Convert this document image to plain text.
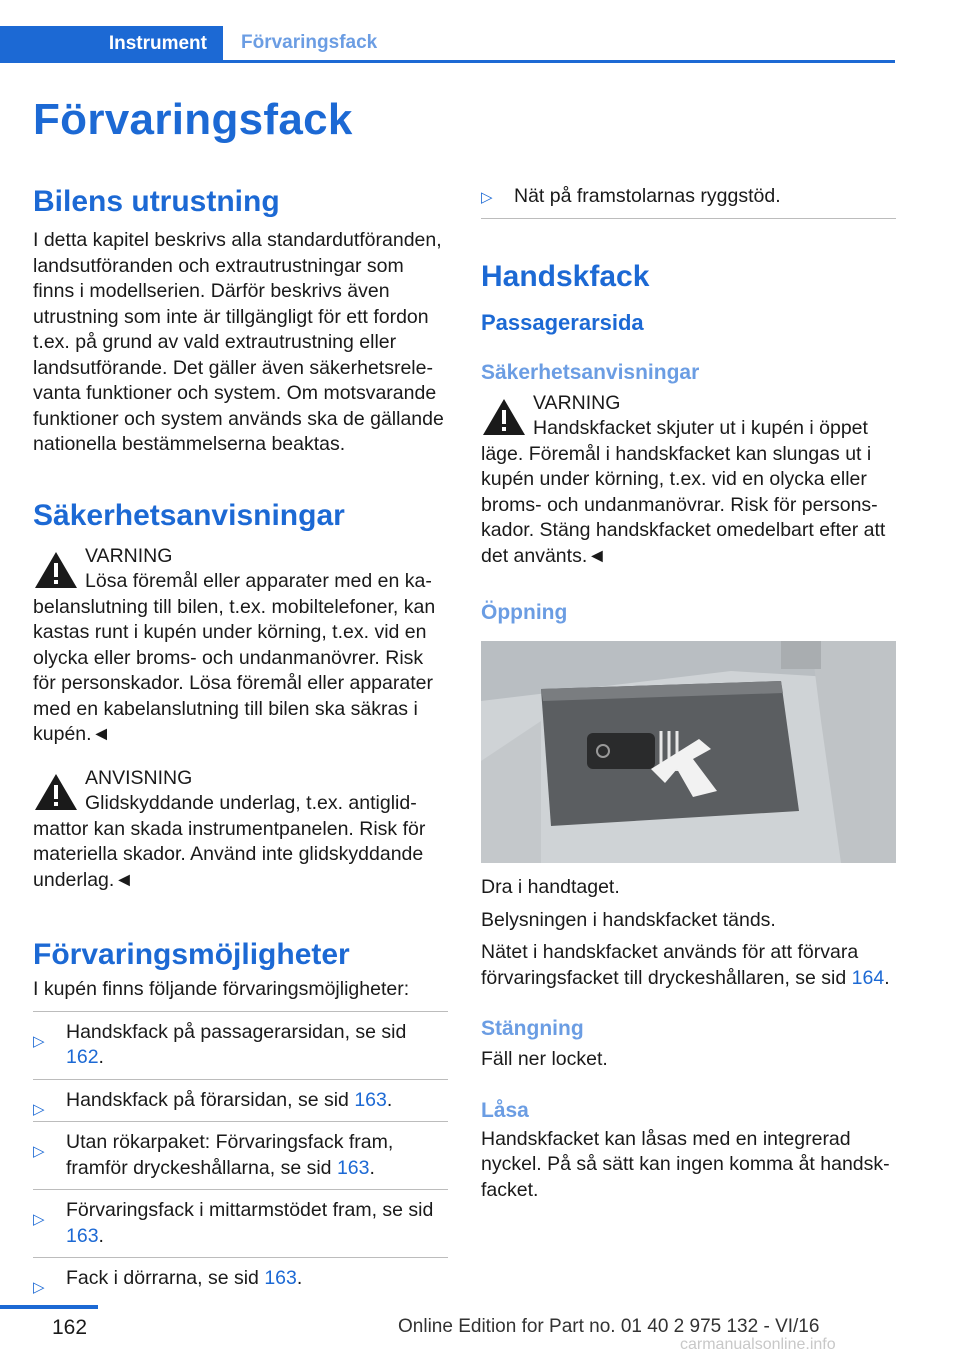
Instrument	Förvaringsfack
Förvaringsfack
Bilens utrustning

I detta kapitel beskrivs alla standardutföranden, landsutföranden och extrautrustningar som finns i modellserien. Därför beskrivs även utrustning som inte är tillgängligt för ett fordon t.ex. på grund av vald extrautrustning eller landsutförande. Det gäller även säkerhetsrelevanta funktioner och system. Om motsvarande funktioner och system används ska de gällande nationella bestämmelserna beaktas.

Säkerhetsanvisningar
VARNING
Lösa föremål eller apparater med en kabelanslutning till bilen, t.ex. mobiltelefoner, kan kastas runt i kupén under körning, t.ex. vid en olycka eller broms- och undanmanövrer. Risk för personskador. Lösa föremål eller apparater med en kabelanslutning till bilen ska säkras i kupén.◄
ANVISNING
Glidskyddande underlag, t.ex. antiglidmattor kan skada instrumentpanelen. Risk för materiella skador. Använd inte glidskyddande underlag.◄
Förvaringsmöjligheter

I kupén finns följande förvaringsmöjligheter:

▷ Handskfack på passagerarsidan, se sid 162.
▷ Handskfack på förarsidan, se sid 163.
▷ Utan rökarpaket: Förvaringsfack fram, framför dryckeshållarna, se sid 163.
▷ Förvaringsfack i mittarmstödet fram, se sid 163.
▷ Fack i dörrarna, se sid 163.
▷ Nät på framstolarnas ryggstöd.
Handskfack
Passagerarsida
Säkerhetsanvisningar
VARNING
Handskfacket skjuter ut i kupén i öppet läge. Föremål i handskfacket kan slungas ut i kupén under körning, t.ex. vid en olycka eller broms- och undanmanövrar. Risk för personskador. Stäng handskfacket omedelbart efter att det använts.◄
Öppning

Dra i handtaget.

Belysningen i handskfacket tänds.

Nätet i handskfacket används för att förvara förvaringsfacket till dryckeshållaren, se sid 164.

Stängning

Fäll ner locket.

Låsa

Handskfacket kan låsas med en integrerad nyckel. På så sätt kan ingen komma åt handskfacket.

162	Online Edition for Part no. 01 40 2 975 132 - VI/16
carmanualsonline.info
